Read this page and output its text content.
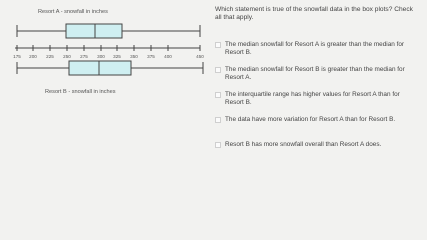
Resort A - snowfall in inches
175 200 225 250 275 300 325 350 375 400	450
Resort B - snowfall in inches
Which statement is true of the snowfall data in the box plots? Check all that apply.
The median snowfall for Resort A is greater than the median for Resort B.
The median snowfall for Resort B is greater than the median for Resort A.
The interquartile range has higher values for Resort A than for Resort B.
The data have more variation for Resort A than for Resort B.
Resort B has more snowfall overall than Resort A does.
